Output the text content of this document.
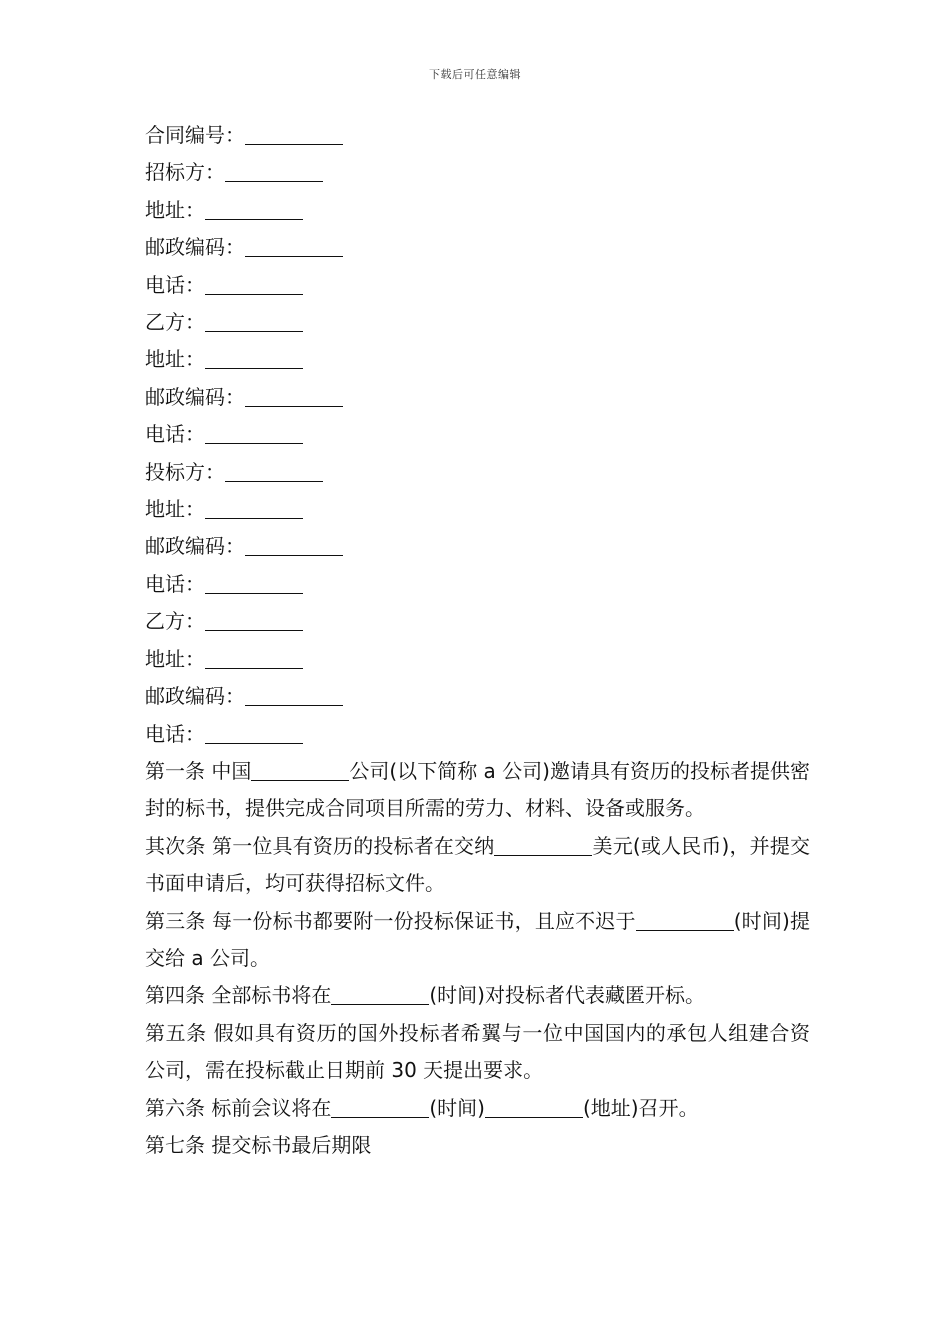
下载后可任意编辑
合同编号：
招标方：
地址：
邮政编码：
电话：
乙方：
地址：
邮政编码：
电话：
投标方：
地址：
邮政编码：
电话：
乙方：
地址：
邮政编码：
电话：

第一条 中国	公司(以下简称 a 公司)邀请具有资历的投标者提供密封的标书，提供完成合同项目所需的劳力、材料、设备或服务。

其次条 第一位具有资历的投标者在交纳	美元(或人民币)，并提交书面申请后，均可获得招标文件。

第三条 每一份标书都要附一份投标保证书，且应不迟于	(时间)提交给 a 公司。

第四条 全部标书将在	(时间)对投标者代表藏匿开标。

第五条 假如具有资历的国外投标者希翼与一位中国国内的承包人组建合资公司，需在投标截止日期前 30 天提出要求。

第六条 标前会议将在	(时间)	(地址)召开。

第七条 提交标书最后期限
